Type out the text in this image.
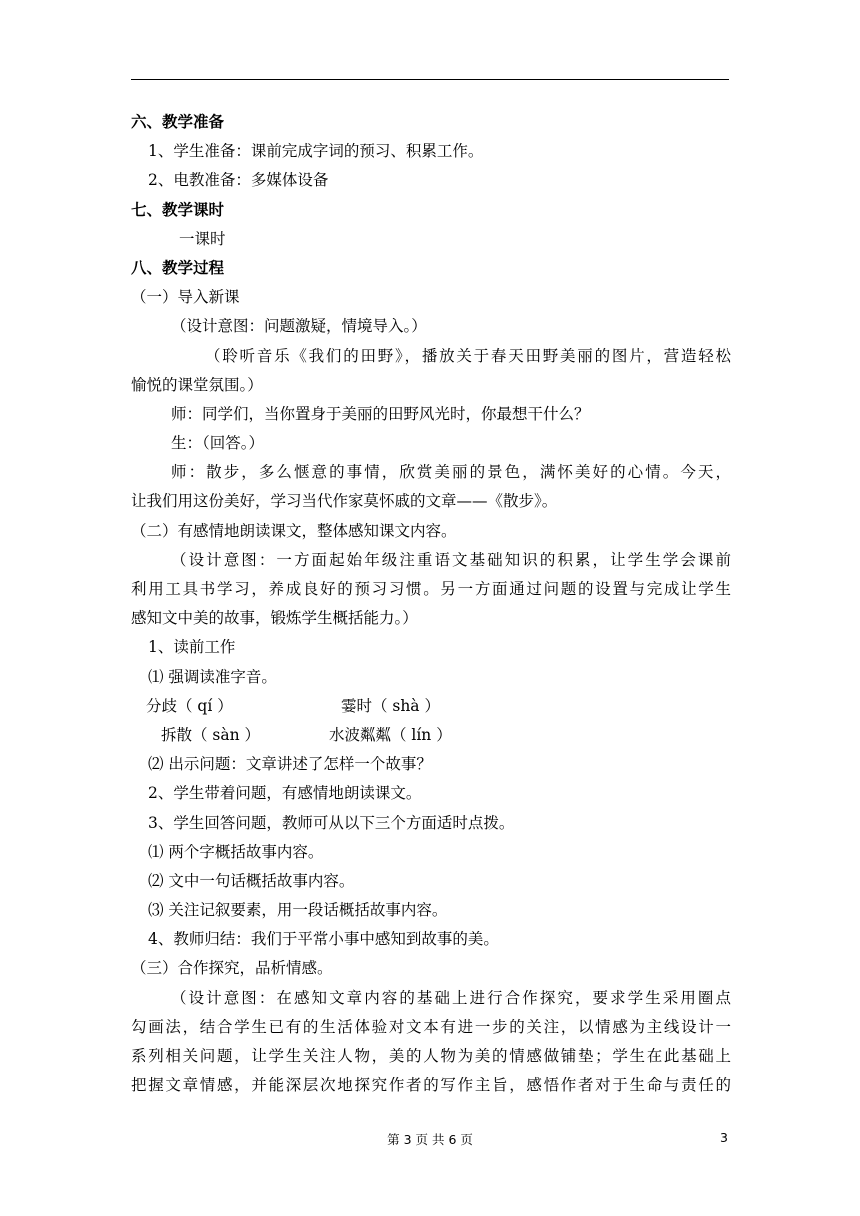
六、教学准备
1、学生准备：课前完成字词的预习、积累工作。
2、电教准备：多媒体设备
七、教学课时
一课时
八、教学过程
（一）导入新课
（设计意图：问题激疑，情境导入。）
（聆听音乐《我们的田野》，播放关于春天田野美丽的图片，营造轻松
愉悦的课堂氛围。）
师：同学们，当你置身于美丽的田野风光时，你最想干什么？
生：（回答。）
师：散步，多么惬意的事情，欣赏美丽的景色，满怀美好的心情。今天，
让我们用这份美好，学习当代作家莫怀戚的文章——《散步》。
（二）有感情地朗读课文，整体感知课文内容。
（设计意图：一方面起始年级注重语文基础知识的积累，让学生学会课前
利用工具书学习，养成良好的预习习惯。另一方面通过问题的设置与完成让学生
感知文中美的故事，锻炼学生概括能力。）
1、读前工作
⑴ 强调读准字音。
分歧（ qí ）	霎时（ shà ）
拆散（ sàn ）	水波粼粼（ lín ）
⑵ 出示问题：文章讲述了怎样一个故事？
2、学生带着问题，有感情地朗读课文。
3、学生回答问题，教师可从以下三个方面适时点拨。
⑴ 两个字概括故事内容。
⑵ 文中一句话概括故事内容。
⑶ 关注记叙要素，用一段话概括故事内容。
4、教师归结：我们于平常小事中感知到故事的美。
（三）合作探究，品析情感。
（设计意图：在感知文章内容的基础上进行合作探究，要求学生采用圈点
勾画法，结合学生已有的生活体验对文本有进一步的关注，以情感为主线设计一
系列相关问题，让学生关注人物，美的人物为美的情感做铺垫；学生在此基础上
把握文章情感，并能深层次地探究作者的写作主旨，感悟作者对于生命与责任的
第 3 页 共 6 页	3
